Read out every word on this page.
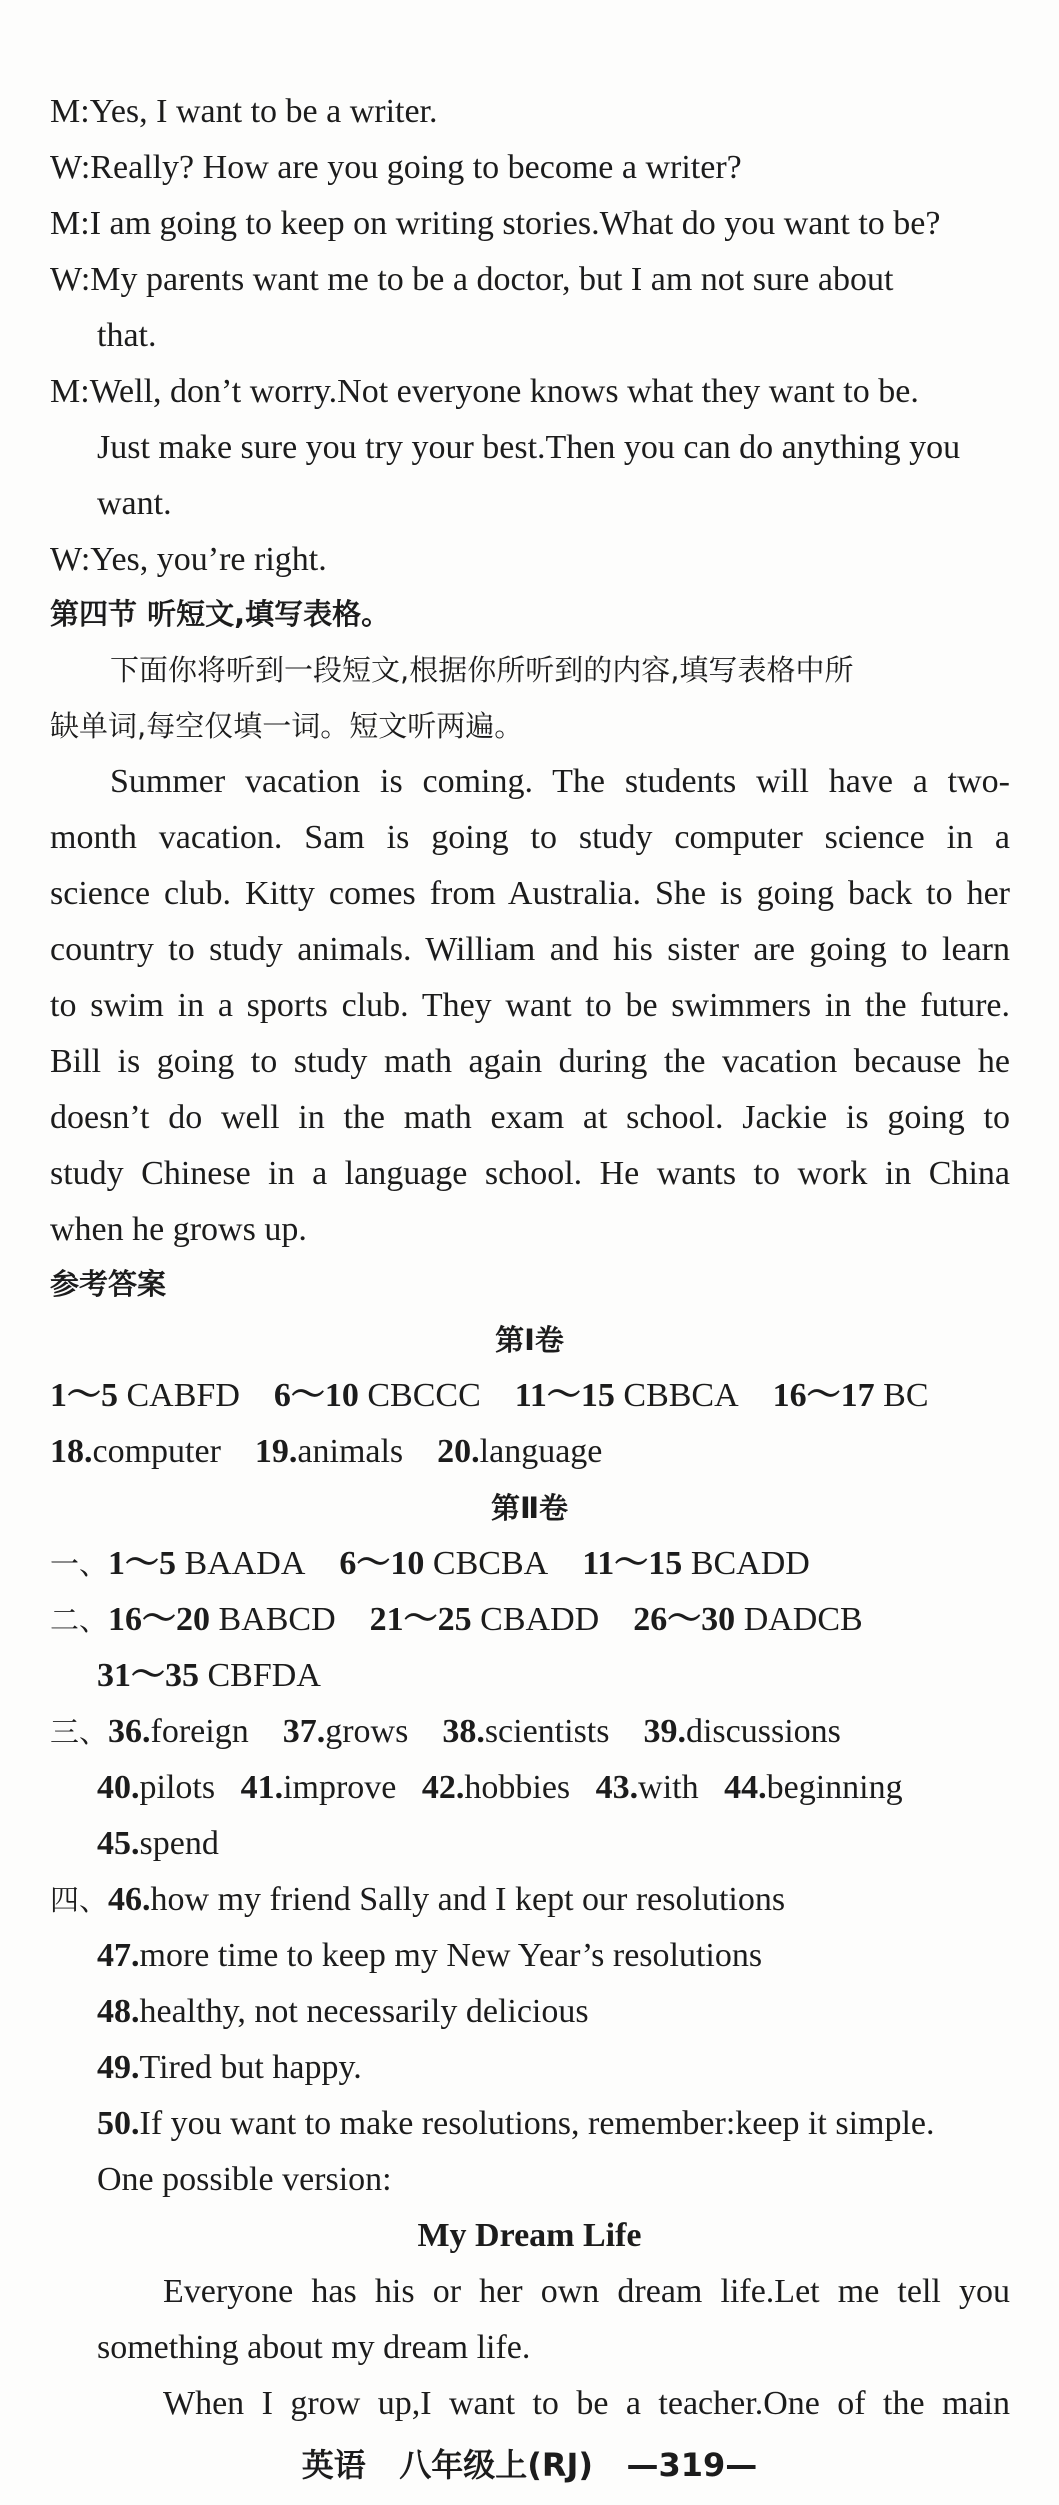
M:Yes, I want to be a writer.
W:Really? How are you going to become a writer?
M:I am going to keep on writing stories.What do you want to be?
W:My parents want me to be a doctor, but I am not sure about
that.
M:Well, don’t worry.Not everyone knows what they want to be.
Just make sure you try your best.Then you can do anything you
want.
W:Yes, you’re right.
第四节 听短文,填写表格。
下面你将听到一段短文,根据你所听到的内容,填写表格中所
缺单词,每空仅填一词。短文听两遍。
Summer vacation is coming. The students will have a two-
month vacation. Sam is going to study computer science in a
science club. Kitty comes from Australia. She is going back to her
country to study animals. William and his sister are going to learn
to swim in a sports club. They want to be swimmers in the future.
Bill is going to study math again during the vacation because he
doesn’t do well in the math exam at school. Jackie is going to
study Chinese in a language school. He wants to work in China
when he grows up.
参考答案
第Ⅰ卷
1～5 CABFD 6～10 CBCCC 11～15 CBBCA 16～17 BC
18.computer 19.animals 20.language
第Ⅱ卷
一、1～5 BAADA 6～10 CBCBA 11～15 BCADD
二、16～20 BABCD 21～25 CBADD 26～30 DADCB
31～35 CBFDA
三、36.foreign 37.grows 38.scientists 39.discussions
40.pilots 41.improve 42.hobbies 43.with 44.beginning
45.spend
四、46.how my friend Sally and I kept our resolutions
47.more time to keep my New Year’s resolutions
48.healthy, not necessarily delicious
49.Tired but happy.
50.If you want to make resolutions, remember:keep it simple.
One possible version:
My Dream Life
Everyone has his or her own dream life.Let me tell you
something about my dream life.
When I grow up,I want to be a teacher.One of the main
英语 八年级上(RJ) —319—
